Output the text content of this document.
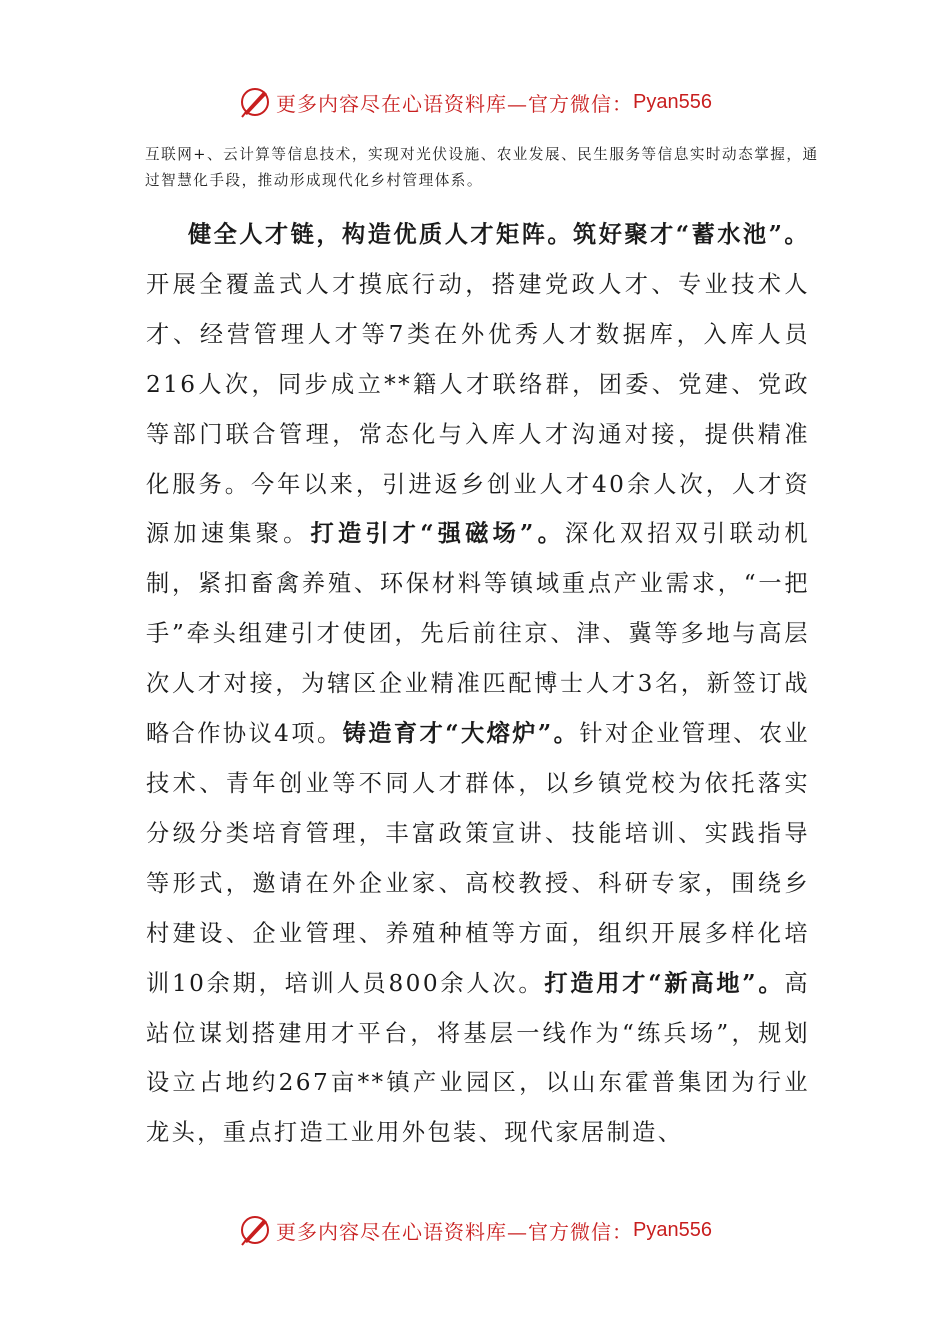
更多内容尽在心语资料库—官方微信： Pyan556
互联网+、云计算等信息技术，实现对光伏设施、农业发展、民生服务等信息实时动态掌握，通过智慧化手段，推动形成现代化乡村管理体系。
健全人才链，构造优质人才矩阵。筑好聚才“蓄水池”。开展全覆盖式人才摸底行动，搭建党政人才、专业技术人才、经营管理人才等7类在外优秀人才数据库，入库人员216人次，同步成立**籍人才联络群，团委、党建、党政等部门联合管理，常态化与入库人才沟通对接，提供精准化服务。今年以来，引进返乡创业人才40余人次，人才资源加速集聚。打造引才“强磁场”。深化双招双引联动机制，紧扣畜禽养殖、环保材料等镇域重点产业需求，“一把手”牵头组建引才使团，先后前往京、津、冀等多地与高层次人才对接，为辖区企业精准匹配博士人才3名，新签订战略合作协议4项。铸造育才“大熔炉”。针对企业管理、农业技术、青年创业等不同人才群体，以乡镇党校为依托落实分级分类培育管理，丰富政策宣讲、技能培训、实践指导等形式，邀请在外企业家、高校教授、科研专家，围绕乡村建设、企业管理、养殖种植等方面，组织开展多样化培训10余期，培训人员800余人次。打造用才“新高地”。高站位谋划搭建用才平台，将基层一线作为“练兵场”，规划设立占地约267亩**镇产业园区，以山东霍普集团为行业龙头，重点打造工业用外包装、现代家居制造、
更多内容尽在心语资料库—官方微信： Pyan556
